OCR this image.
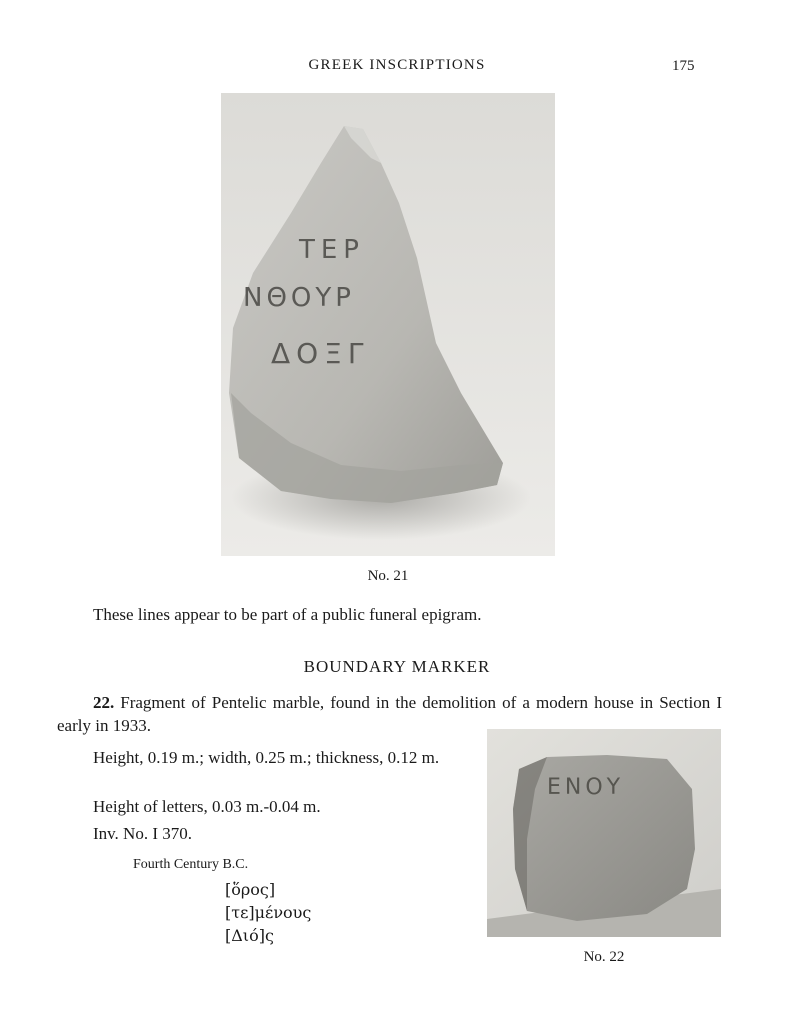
GREEK INSCRIPTIONS	175
ΤΕΡ
ΝΘΟΥΡ
ΔΟΞΓ
No. 21
These lines appear to be part of a public funeral epigram.
BOUNDARY MARKER
22. Fragment of Pentelic marble, found in the demolition of a modern house in Section I early in 1933.
Height, 0.19 m.; width, 0.25 m.; thickness, 0.12 m.
Height of letters, 0.03 m.-0.04 m.
Inv. No. I 370.
Fourth Century B.C.
[ὅρος]
[τε]μένους
[Διό]ς
ΕΝΟΥ
No. 22
